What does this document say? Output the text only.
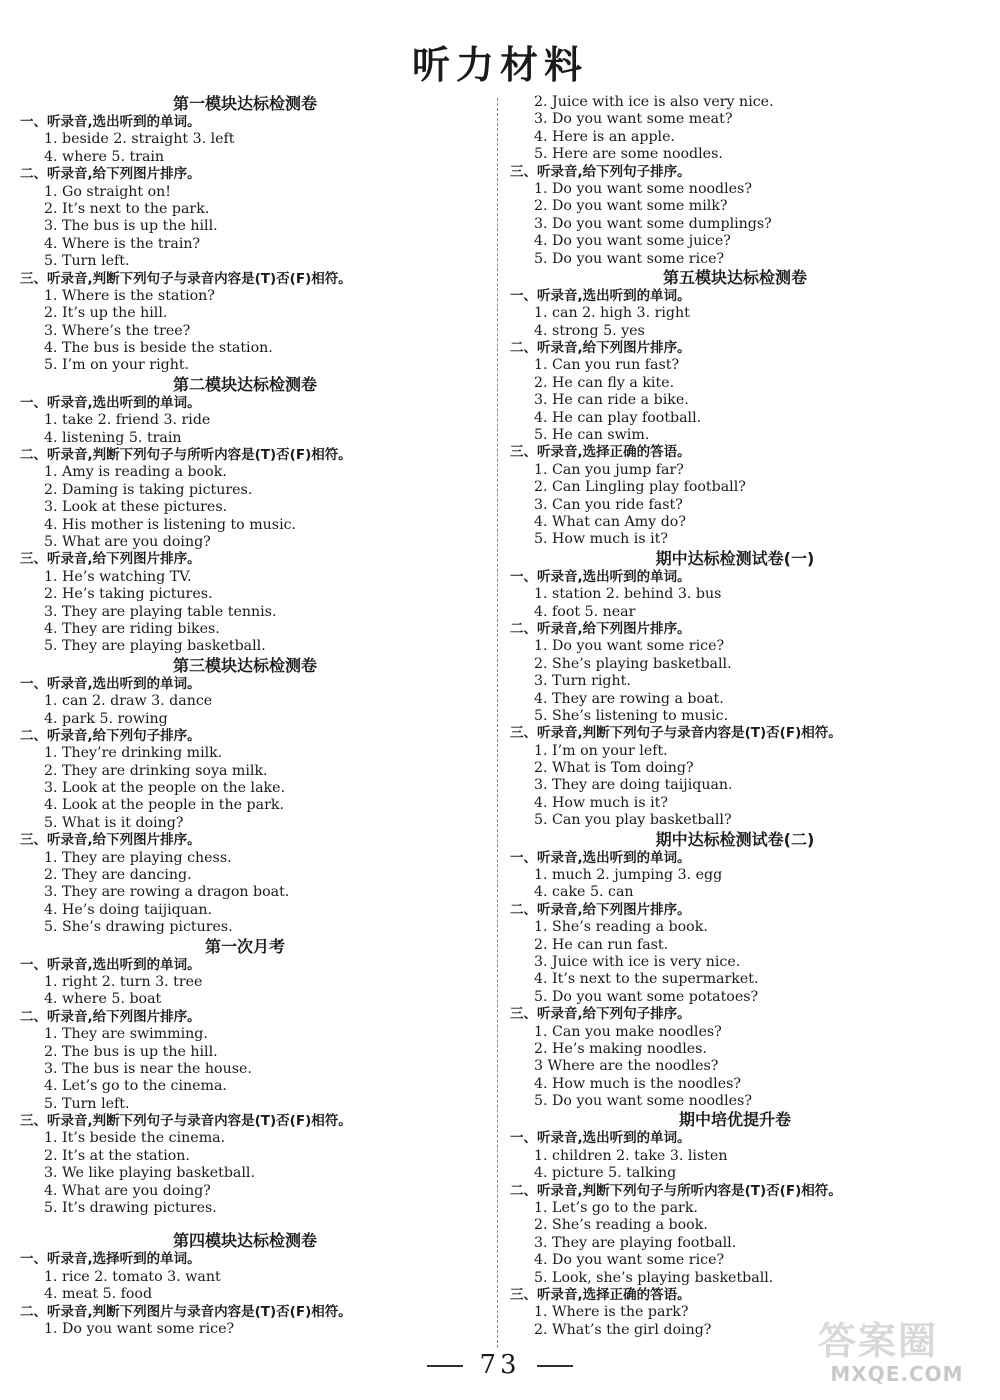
听力材料
第一模块达标检测卷
一、听录音,选出听到的单词。
1. beside 2. straight 3. left
4. where 5. train
二、听录音,给下列图片排序。
1. Go straight on!
2. It’s next to the park.
3. The bus is up the hill.
4. Where is the train?
5. Turn left.
三、听录音,判断下列句子与录音内容是(T)否(F)相符。
1. Where is the station?
2. It’s up the hill.
3. Where’s the tree?
4. The bus is beside the station.
5. I’m on your right.
第二模块达标检测卷
一、听录音,选出听到的单词。
1. take 2. friend 3. ride
4. listening 5. train
二、听录音,判断下列句子与所听内容是(T)否(F)相符。
1. Amy is reading a book.
2. Daming is taking pictures.
3. Look at these pictures.
4. His mother is listening to music.
5. What are you doing?
三、听录音,给下列图片排序。
1. He’s watching TV.
2. He’s taking pictures.
3. They are playing table tennis.
4. They are riding bikes.
5. They are playing basketball.
第三模块达标检测卷
一、听录音,选出听到的单词。
1. can 2. draw 3. dance
4. park 5. rowing
二、听录音,给下列句子排序。
1. They’re drinking milk.
2. They are drinking soya milk.
3. Look at the people on the lake.
4. Look at the people in the park.
5. What is it doing?
三、听录音,给下列图片排序。
1. They are playing chess.
2. They are dancing.
3. They are rowing a dragon boat.
4. He’s doing taijiquan.
5. She’s drawing pictures.
第一次月考
一、听录音,选出听到的单词。
1. right 2. turn 3. tree
4. where 5. boat
二、听录音,给下列图片排序。
1. They are swimming.
2. The bus is up the hill.
3. The bus is near the house.
4. Let’s go to the cinema.
5. Turn left.
三、听录音,判断下列句子与录音内容是(T)否(F)相符。
1. It’s beside the cinema.
2. It’s at the station.
3. We like playing basketball.
4. What are you doing?
5. It’s drawing pictures.
第四模块达标检测卷
一、听录音,选择听到的单词。
1. rice 2. tomato 3. want
4. meat 5. food
二、听录音,判断下列图片与录音内容是(T)否(F)相符。
1. Do you want some rice?
2. Juice with ice is also very nice.
3. Do you want some meat?
4. Here is an apple.
5. Here are some noodles.
三、听录音,给下列句子排序。
1. Do you want some noodles?
2. Do you want some milk?
3. Do you want some dumplings?
4. Do you want some juice?
5. Do you want some rice?
第五模块达标检测卷
一、听录音,选出听到的单词。
1. can 2. high 3. right
4. strong 5. yes
二、听录音,给下列图片排序。
1. Can you run fast?
2. He can fly a kite.
3. He can ride a bike.
4. He can play football.
5. He can swim.
三、听录音,选择正确的答语。
1. Can you jump far?
2. Can Lingling play football?
3. Can you ride fast?
4. What can Amy do?
5. How much is it?
期中达标检测试卷(一)
一、听录音,选出听到的单词。
1. station 2. behind 3. bus
4. foot 5. near
二、听录音,给下列图片排序。
1. Do you want some rice?
2. She’s playing basketball.
3. Turn right.
4. They are rowing a boat.
5. She’s listening to music.
三、听录音,判断下列句子与录音内容是(T)否(F)相符。
1. I’m on your left.
2. What is Tom doing?
3. They are doing taijiquan.
4. How much is it?
5. Can you play basketball?
期中达标检测试卷(二)
一、听录音,选出听到的单词。
1. much 2. jumping 3. egg
4. cake 5. can
二、听录音,给下列图片排序。
1. She’s reading a book.
2. He can run fast.
3. Juice with ice is very nice.
4. It’s next to the supermarket.
5. Do you want some potatoes?
三、听录音,给下列句子排序。
1. Can you make noodles?
2. He’s making noodles.
3 Where are the noodles?
4. How much is the noodles?
5. Do you want some noodles?
期中培优提升卷
一、听录音,选出听到的单词。
1. children 2. take 3. listen
4. picture 5. talking
二、听录音,判断下列句子与所听内容是(T)否(F)相符。
1. Let’s go to the park.
2. She’s reading a book.
3. They are playing football.
4. Do you want some rice?
5. Look, she’s playing basketball.
三、听录音,选择正确的答语。
1. Where is the park?
2. What’s the girl doing?
73
答案圈
MXQE.COM
